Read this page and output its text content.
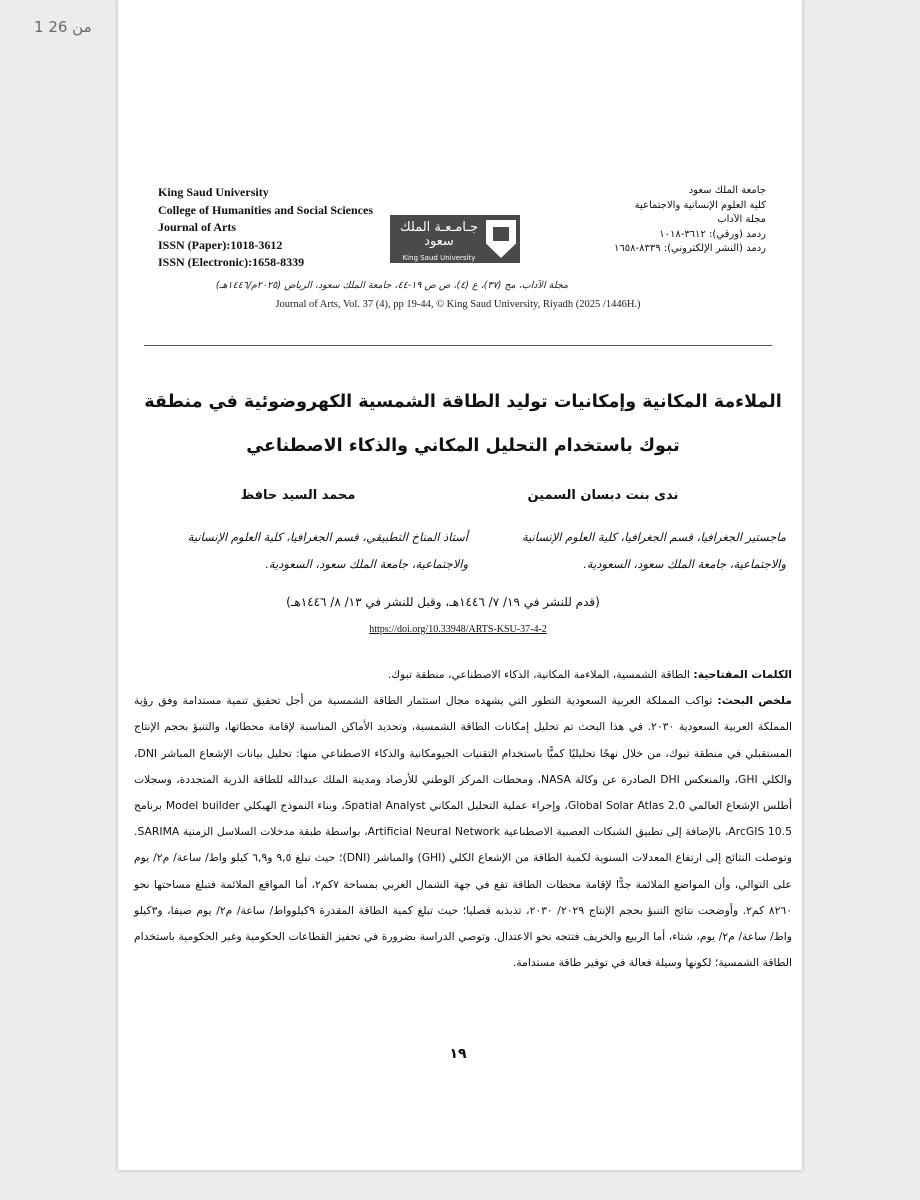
1 من 26
King Saud University
College of Humanities and Social Sciences
Journal of Arts
ISSN (Paper):1018-3612
ISSN (Electronic):1658-8339
جـامـعـة الملك سعود
King Saud University
جامعة الملك سعود
كلية العلوم الإنسانية والاجتماعية
مجلة الآداب
ردمد (ورقي): ٣٦١٢-١٠١٨
ردمد (النشر الإلكتروني): ٨٣٣٩-١٦٥٨
مجلة الآداب، مج (٣٧)، ع (٤)، ص ص ١٩-٤٤، جامعة الملك سعود، الرياض (٢٠٢٥م/١٤٤٦هـ)
Journal of Arts, Vol. 37 (4), pp 19-44, © King Saud University, Riyadh (2025 /1446H.)
الملاءمة المكانية وإمكانيات توليد الطاقة الشمسية الكهروضوئية في منطقة تبوك باستخدام التحليل المكاني والذكاء الاصطناعي
ندى بنت دبسان السمين
محمد السيد حافظ
ماجستير الجغرافيا، قسم الجغرافيا، كلية العلوم الإنسانية والاجتماعية، جامعة الملك سعود، السعودية.
أستاذ المناخ التطبيقي، قسم الجغرافيا، كلية العلوم الإنسانية والاجتماعية، جامعة الملك سعود، السعودية.
(قدم للنشر في ١٩/ ٧/ ١٤٤٦هـ، وقبل للنشر في ١٣/ ٨/ ١٤٤٦هـ)
https://doi.org/10.33948/ARTS-KSU-37-4-2

الكلمات المفتاحية: الطاقة الشمسية، الملاءمة المكانية، الذكاء الاصطناعي، منطقة تبوك.

ملخص البحث: تواكب المملكة العربية السعودية التطور التي يشهده مجال استثمار الطاقة الشمسية من أجل تحقيق تنمية مستدامة وفق رؤية المملكة العربية السعودية ٢٠٣٠. في هذا البحث تم تحليل إمكانات الطاقة الشمسية، وتحديد الأماكن المناسبة لإقامة محطاتها، والتنبؤ بحجم الإنتاج المستقبلي في منطقة تبوك، من خلال نهجًا تحليليًا كميًّا باستخدام التقنيات الجيومكانية والذكاء الاصطناعي منها: تحليل بيانات الإشعاع المباشر DNI، والكلي GHI، والمنعكس DHI الصادرة عن وكالة NASA، ومحطات المركز الوطني للأرصاد ومدينة الملك عبدالله للطاقة الذرية المتجددة، وسجلات أطلس الإشعاع العالمي Global Solar Atlas 2.0، وإجراء عملية التحليل المكاني Spatial Analyst، وبناء النموذج الهيكلي Model builder برنامج ArcGIS 10.5، بالإضافة إلى تطبيق الشبكات العصبية الاصطناعية Artificial Neural Network، بواسطة طبقة مدخلات السلاسل الزمنية SARIMA. وتوصلت النتائج إلى ارتفاع المعدلات السنوية لكمية الطاقة من الإشعاع الكلي (GHI) والمباشر (DNI)؛ حيث تبلغ ٩,٥ و٦,٩ كيلو واط/ ساعة/ م٢/ يوم على التوالي، وأن المواضع الملائمة جدًّا لإقامة محطات الطاقة تقع في جهة الشمال الغربي بمساحة ٧كم٢، أما المواقع الملائمة فتبلغ مساحتها نحو ٨٢٦٠ كم٢. وأوضحت نتائج التنبؤ بحجم الإنتاج ٢٠٢٩/ ٢٠٣٠، تذبذبه فصليا؛ حيث تبلغ كمية الطاقة المقدرة ٩كيلوواط/ ساعة/ م٢/ يوم صيفا، و٣كيلو واط/ ساعة/ م٢/ يوم، شتاء، أما الربيع والخريف فتتجه نحو الاعتدال. وتوصي الدراسة بضرورة في تحفيز القطاعات الحكومية وغير الحكومية باستخدام الطاقة الشمسية؛ لكونها وسيلة فعالة في توفير طاقة مستدامة.

١٩
